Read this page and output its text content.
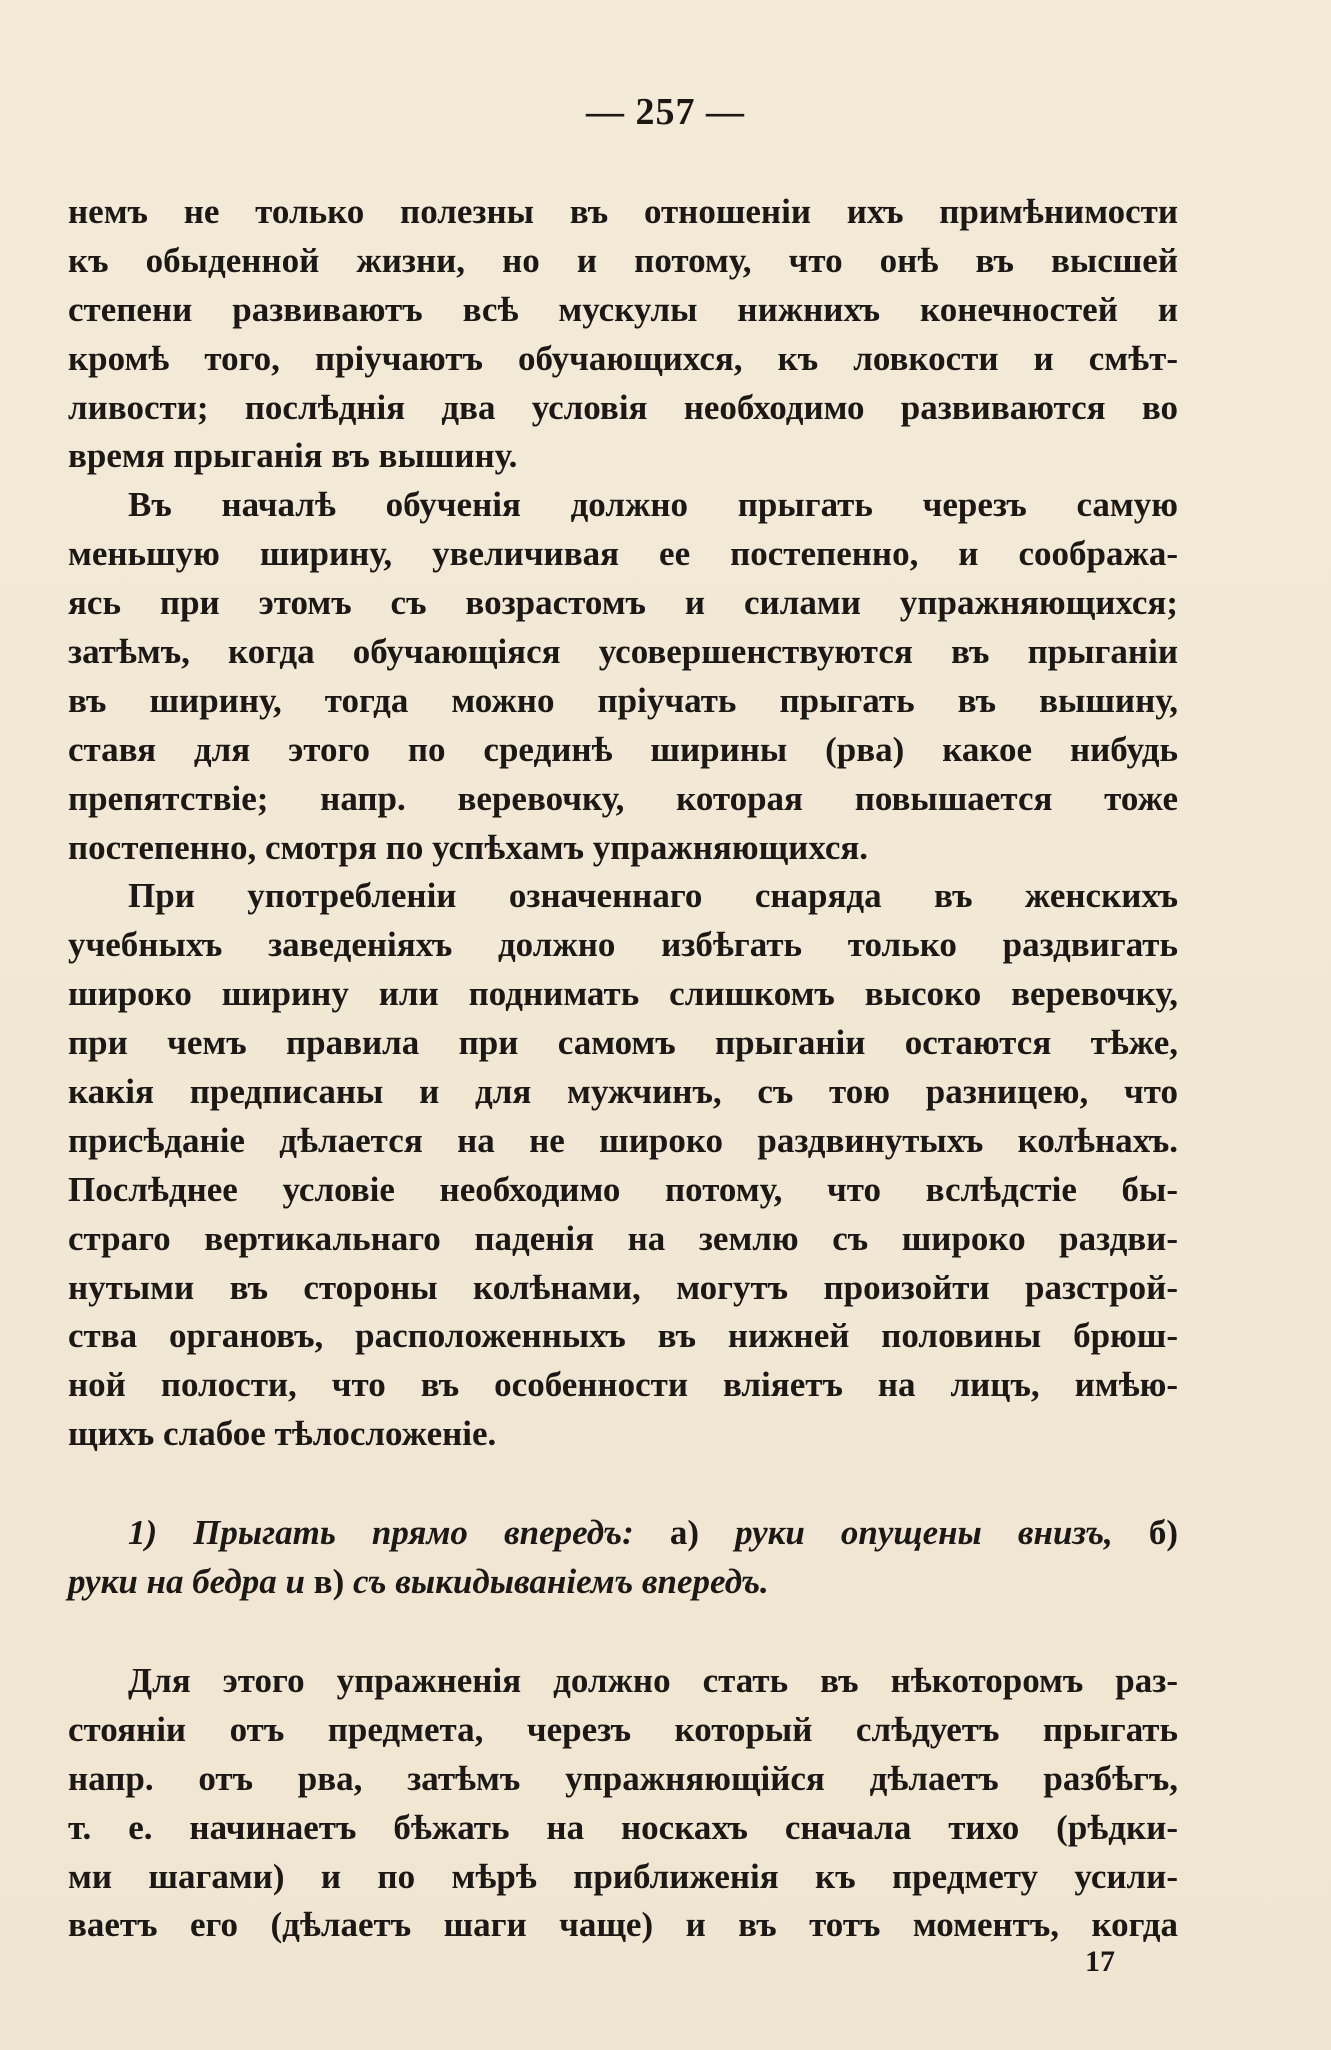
— 257 —
немъ не только полезны въ отношенiи ихъ примѣнимости
къ обыденной жизни, но и потому, что онѣ въ высшей
степени развиваютъ всѣ мускулы нижнихъ конечностей и
кромѣ того, прiучаютъ обучающихся, къ ловкости и смѣт-
ливости; послѣднiя два условiя необходимо развиваются во
время прыганiя въ вышину.
Въ началѣ обученiя должно прыгать черезъ самую
меньшую ширину, увеличивая ее постепенно, и сообража-
ясь при этомъ съ возрастомъ и силами упражняющихся;
затѣмъ, когда обучающiяся усовершенствуются въ прыганiи
въ ширину, тогда можно прiучать прыгать въ вышину,
ставя для этого по срединѣ ширины (рва) какое нибудь
препятствiе; напр. веревочку, которая повышается тоже
постепенно, смотря по успѣхамъ упражняющихся.
При употребленiи означеннаго снаряда въ женскихъ
учебныхъ заведенiяхъ должно избѣгать только раздвигать
широко ширину или поднимать слишкомъ высоко веревочку,
при чемъ правила при самомъ прыганiи остаются тѣже,
какiя предписаны и для мужчинъ, съ тою разницею, что
присѣданiе дѣлается на не широко раздвинутыхъ колѣнахъ.
Послѣднее условiе необходимо потому, что вслѣдстiе бы-
страго вертикальнаго паденiя на землю съ широко раздви-
нутыми въ стороны колѣнами, могутъ произойти разстрой-
ства органовъ, расположенныхъ въ нижней половины брюш-
ной полости, что въ особенности влiяетъ на лицъ, имѣю-
щихъ слабое тѣлосложенiе.
1) Прыгать прямо впередъ: а) руки опущены внизъ, б)
руки на бедра и в) съ выкидыванiемъ впередъ.
Для этого упражненiя должно стать въ нѣкоторомъ раз-
стоянiи отъ предмета, черезъ который слѣдуетъ прыгать
напр. отъ рва, затѣмъ упражняющiйся дѣлаетъ разбѣгъ,
т. е. начинаетъ бѣжать на носкахъ сначала тихо (рѣдки-
ми шагами) и по мѣрѣ приближенiя къ предмету усили-
ваетъ его (дѣлаетъ шаги чаще) и въ тотъ моментъ, когда
17
